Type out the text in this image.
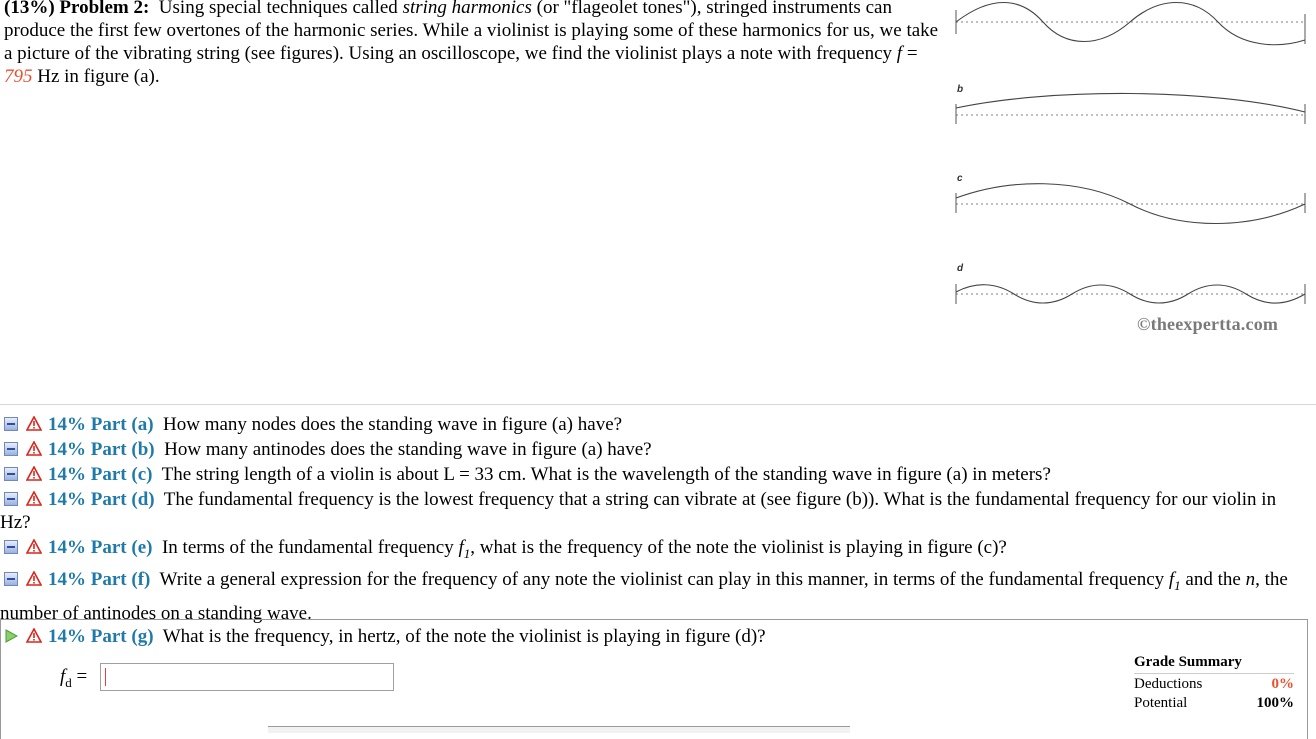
(13%) Problem 2: Using special techniques called string harmonics (or "flageolet tones"), stringed instruments can produce the first few overtones of the harmonic series. While a violinist is playing some of these harmonics for us, we take a picture of the vibrating string (see figures). Using an oscilloscope, we find the violinist plays a note with frequency f = 795 Hz in figure (a).
b
c
d
©theexpertta.com
14% Part (a) How many nodes does the standing wave in figure (a) have?
14% Part (b) How many antinodes does the standing wave in figure (a) have?
14% Part (c) The string length of a violin is about L = 33 cm. What is the wavelength of the standing wave in figure (a) in meters?
14% Part (d) The fundamental frequency is the lowest frequency that a string can vibrate at (see figure (b)). What is the fundamental frequency for our violin in Hz?
14% Part (e) In terms of the fundamental frequency $f_1$, what is the frequency of the note the violinist is playing in figure (c)?
14% Part (f) Write a general expression for the frequency of any note the violinist can play in this manner, in terms of the fundamental frequency $f_1$ and the n, the number of antinodes on a standing wave.
14% Part (g) What is the frequency, in hertz, of the note the violinist is playing in figure (d)?
$f_d$ =
Grade Summary
Deductions	0%
Potential	100%
